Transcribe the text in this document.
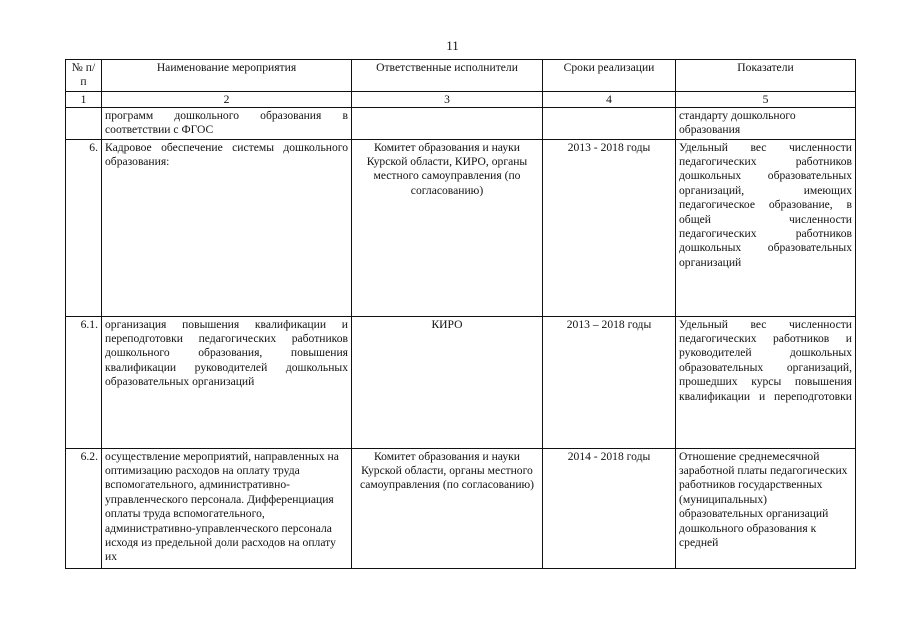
11
№ п/п	Наименование мероприятия	Ответственные исполнители	Сроки реализации	Показатели
1	2	3	4	5
	программ дошкольного образования в соответствии с ФГОС			стандарту дошкольного образования
6.	Кадровое обеспечение системы дошкольного образования:	Комитет образования и науки Курской области, КИРО, органы местного самоуправления (по согласованию)	2013 - 2018 годы	Удельный вес численности педагогических работников дошкольных образовательных организаций, имеющих педагогическое образование, в общей численности педагогических работников дошкольных образовательных организаций
6.1.	организация повышения квалификации и переподготовки педагогических работников дошкольного образования, повышения квалификации руководителей дошкольных образовательных организаций	КИРО	2013 – 2018 годы	Удельный вес численности педагогических работников и руководителей дошкольных образовательных организаций, прошедших курсы повышения квалификации и переподготовки
6.2.	осуществление мероприятий, направленных на оптимизацию расходов на оплату труда вспомогательного, административно-управленческого персонала. Дифференциация оплаты труда вспомогательного, административно-управленческого персонала исходя из предельной доли расходов на оплату их	Комитет образования и науки Курской области, органы местного самоуправления (по согласованию)	2014 - 2018 годы	Отношение среднемесячной заработной платы педагогических работников государственных (муниципальных) образовательных организаций дошкольного образования к средней
